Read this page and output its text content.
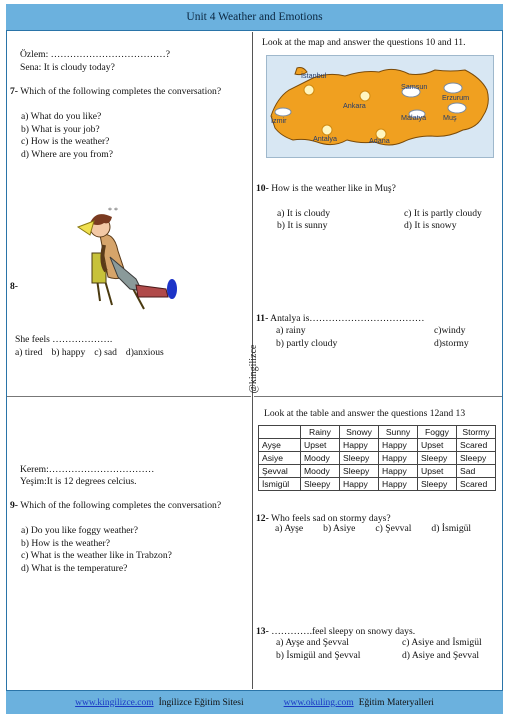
Unit 4 Weather and Emotions
@kingilizce
Özlem: ………………………………?
Sena: It is cloudy today?
7- Which of the following completes the conversation?
a) What do you like?
b) What is your job?
c) How is the weather?
d) Where are you from?
* *
8-
She feels ……………….
a) tired b) happy c) sad d)anxious
Kerem:……………………………
Yeşim:It is 12 degrees celcius.
9- Which of the following completes the conversation?
a) Do you like foggy weather?
b) How is the weather?
c) What is the weather like in Trabzon?
d) What is the temperature?
Look at the map and answer the questions 10 and 11.
İstanbul
Samsun
Erzurum
Ankara
İzmir	Malatya Muş
Antalya	Adana
10- How is the weather like in Muş?
a) It is cloudy	c) It is partly cloudy
b) It is sunny	d) It is snowy
11- Antalya is………………………………
a) rainy	c)windy
b) partly cloudy	d)stormy
Look at the table and answer the questions 12and 13
	Rainy	Snowy	Sunny	Foggy	Stormy
Ayşe	Upset	Happy	Happy	Upset	Scared
Asiye	Moody	Sleepy	Happy	Sleepy	Sleepy
Şevval	Moody	Sleepy	Happy	Upset	Sad
İsmigül	Sleepy	Happy	Happy	Sleepy	Scared
12- Who feels sad on stormy days?
a) Ayşe b) Asiye c) Şevval d) İsmigül
13- ………….feel sleepy on snowy days.
a) Ayşe and Şevval	c) Asiye and İsmigül
b) İsmigül and Şevval	d) Asiye and Şevval
www.kingilizce.com İngilizce Eğitim Sitesi	www.okuling.com Eğitim Materyalleri
